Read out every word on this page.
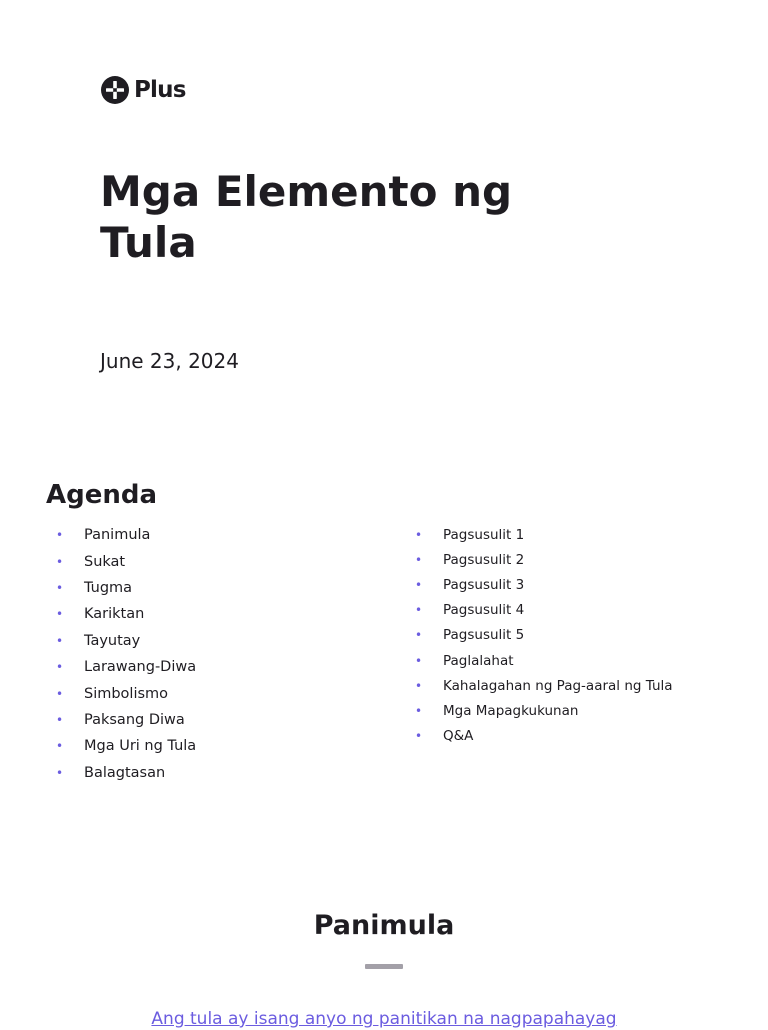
Plus
Mga Elemento ng Tula

June 23, 2024

Agenda
•	Panimula
•	Sukat
•	Tugma
•	Kariktan
•	Tayutay
•	Larawang-Diwa
•	Simbolismo
•	Paksang Diwa
•	Mga Uri ng Tula
•	Balagtasan
•	Pagsusulit 1
•	Pagsusulit 2
•	Pagsusulit 3
•	Pagsusulit 4
•	Pagsusulit 5
•	Paglalahat
•	Kahalagahan ng Pag-aaral ng Tula
•	Mga Mapagkukunan
•	Q&A
Panimula

Ang tula ay isang anyo ng panitikan na nagpapahayag
